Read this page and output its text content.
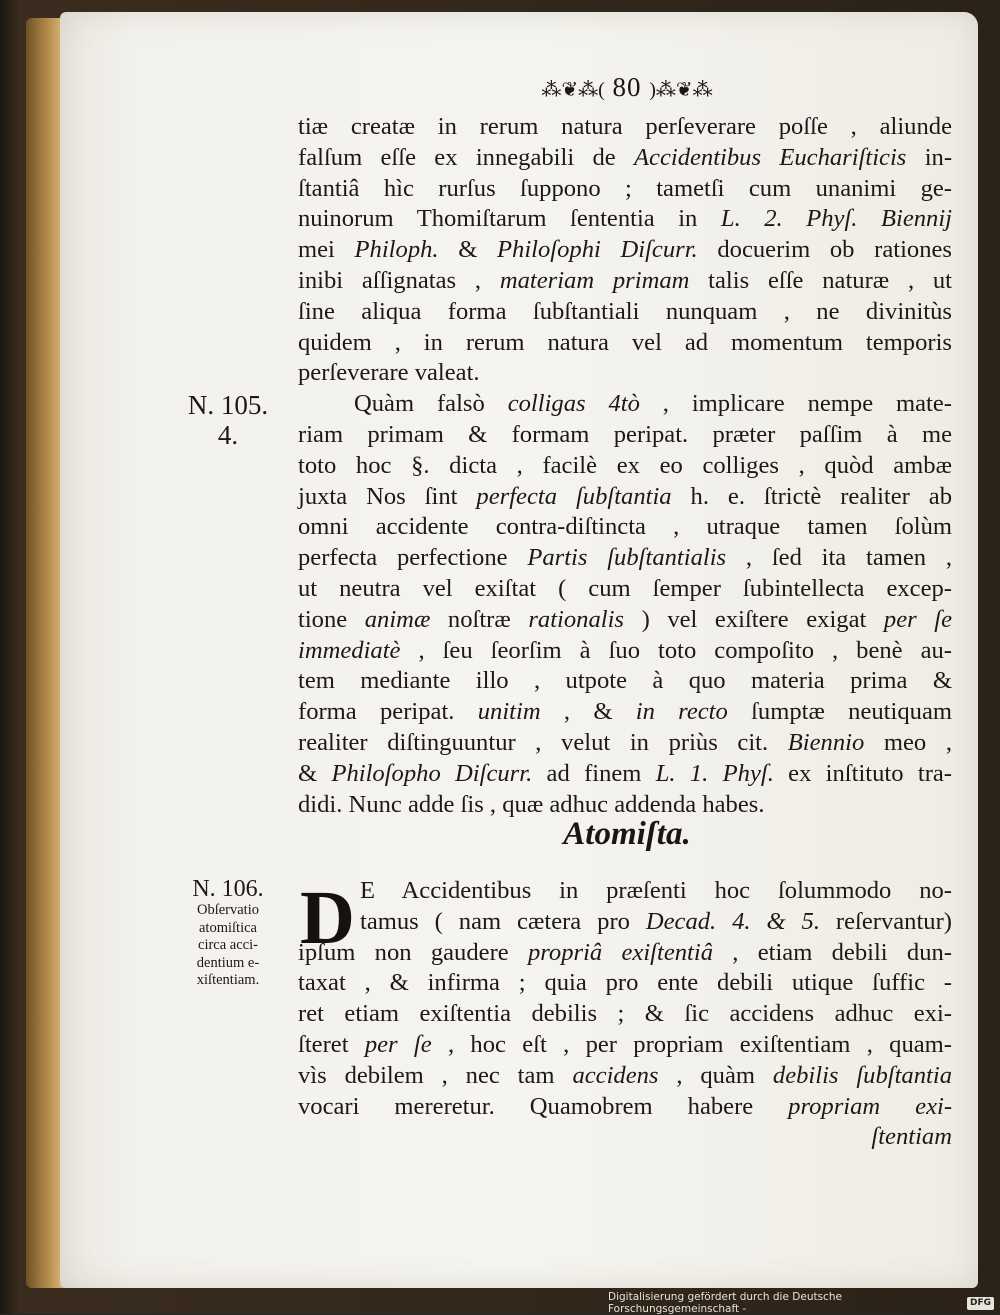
⁂❦⁂( 80 )⁂❦⁂
tiæ creatæ in rerum natura perſeverare poſſe , aliunde
falſum eſſe ex innegabili de Accidentibus Euchariſticis in-
ſtantiâ hìc rurſus ſuppono ; tametſi cum unanimi ge-
nuinorum Thomiſtarum ſententia in L. 2. Phyſ. Biennij
mei Philoph. & Philoſophi Diſcurr. docuerim ob rationes
inibi aſſignatas , materiam primam talis eſſe naturæ , ut
ſine aliqua forma ſubſtantiali nunquam , ne divinitùs
quidem , in rerum natura vel ad momentum temporis
perſeverare valeat.
Quàm falsò colligas 4tò , implicare nempe mate-
riam primam & formam peripat. præter paſſim à me
toto hoc §. dicta , facilè ex eo colliges , quòd ambæ
juxta Nos ſint perfecta ſubſtantia h. e. ſtrictè realiter ab
omni accidente contra-diſtincta , utraque tamen ſolùm
perfecta perfectione Partis ſubſtantialis , ſed ita tamen ,
ut neutra vel exiſtat ( cum ſemper ſubintellecta excep-
tione animæ noſtræ rationalis ) vel exiſtere exigat per ſe
immediatè , ſeu ſeorſim à ſuo toto compoſito , benè au-
tem mediante illo , utpote à quo materia prima &
forma peripat. unitim , & in recto ſumptæ neutiquam
realiter diſtinguuntur , velut in priùs cit. Biennio meo ,
& Philoſopho Diſcurr. ad finem L. 1. Phyſ. ex inſtituto tra-
didi. Nunc adde ſis , quæ adhuc addenda habes.
N. 105.
4.
Atomiſta.
N. 106.
Obſervatio
atomiſtica
circa acci-
dentium e-
xiſtentiam.
D E Accidentibus in præſenti hoc ſolummodo no-
tamus ( nam cætera pro Decad. 4. & 5. reſervantur)
ipſum non gaudere propriâ exiſtentiâ , etiam debili dun-
taxat , & infirma ; quia pro ente debili utique ſuffic -
ret etiam exiſtentia debilis ; & ſic accidens adhuc exi-
ſteret per ſe , hoc eſt , per propriam exiſtentiam , quam-
vìs debilem , nec tam accidens , quàm debilis ſubſtantia
vocari mereretur. Quamobrem habere propriam exi-
ſtentiam
Digitalisierung gefördert durch die Deutsche Forschungsgemeinschaft -
DFG
